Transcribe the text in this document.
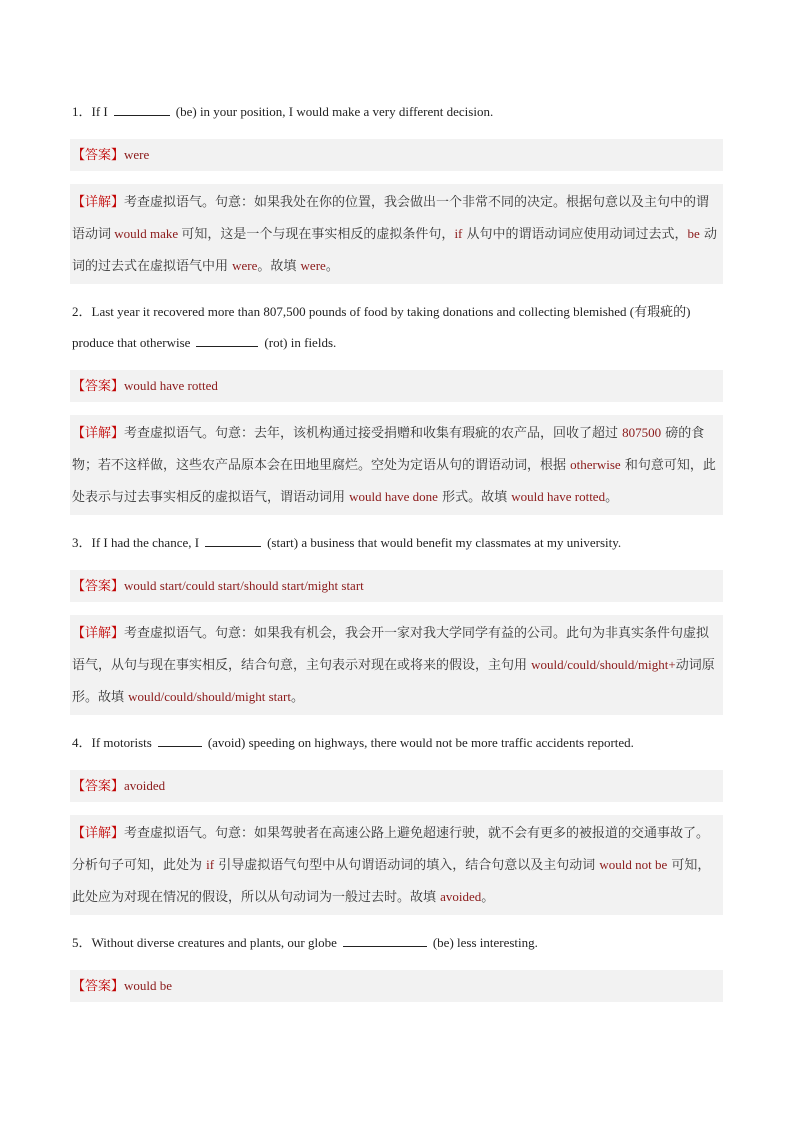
1．If I	(be) in your position, I would make a very different decision.

【答案】were
【详解】考查虚拟语气。句意：如果我处在你的位置，我会做出一个非常不同的决定。根据句意以及主句中的谓语动词 would make 可知，这是一个与现在事实相反的虚拟条件句，if 从句中的谓语动词应使用动词过去式，be 动词的过去式在虚拟语气中用 were。故填 were。

2．Last year it recovered more than 807,500 pounds of food by taking donations and collecting blemished (有瑕疵的) produce that otherwise	(rot) in fields.

【答案】would have rotted
【详解】考查虚拟语气。句意：去年，该机构通过接受捐赠和收集有瑕疵的农产品，回收了超过 807500 磅的食物；若不这样做，这些农产品原本会在田地里腐烂。空处为定语从句的谓语动词，根据 otherwise 和句意可知，此处表示与过去事实相反的虚拟语气，谓语动词用 would have done 形式。故填 would have rotted。

3．If I had the chance, I	(start) a business that would benefit my classmates at my university.

【答案】would start/could start/should start/might start
【详解】考查虚拟语气。句意：如果我有机会，我会开一家对我大学同学有益的公司。此句为非真实条件句虚拟语气，从句与现在事实相反，结合句意，主句表示对现在或将来的假设，主句用 would/could/should/might+动词原形。故填 would/could/should/might start。

4．If motorists	(avoid) speeding on highways, there would not be more traffic accidents reported.

【答案】avoided
【详解】考查虚拟语气。句意：如果驾驶者在高速公路上避免超速行驶，就不会有更多的被报道的交通事故了。分析句子可知，此处为 if 引导虚拟语气句型中从句谓语动词的填入，结合句意以及主句动词 would not be 可知，此处应为对现在情况的假设，所以从句动词为一般过去时。故填 avoided。

5．Without diverse creatures and plants, our globe	(be) less interesting.

【答案】would be
